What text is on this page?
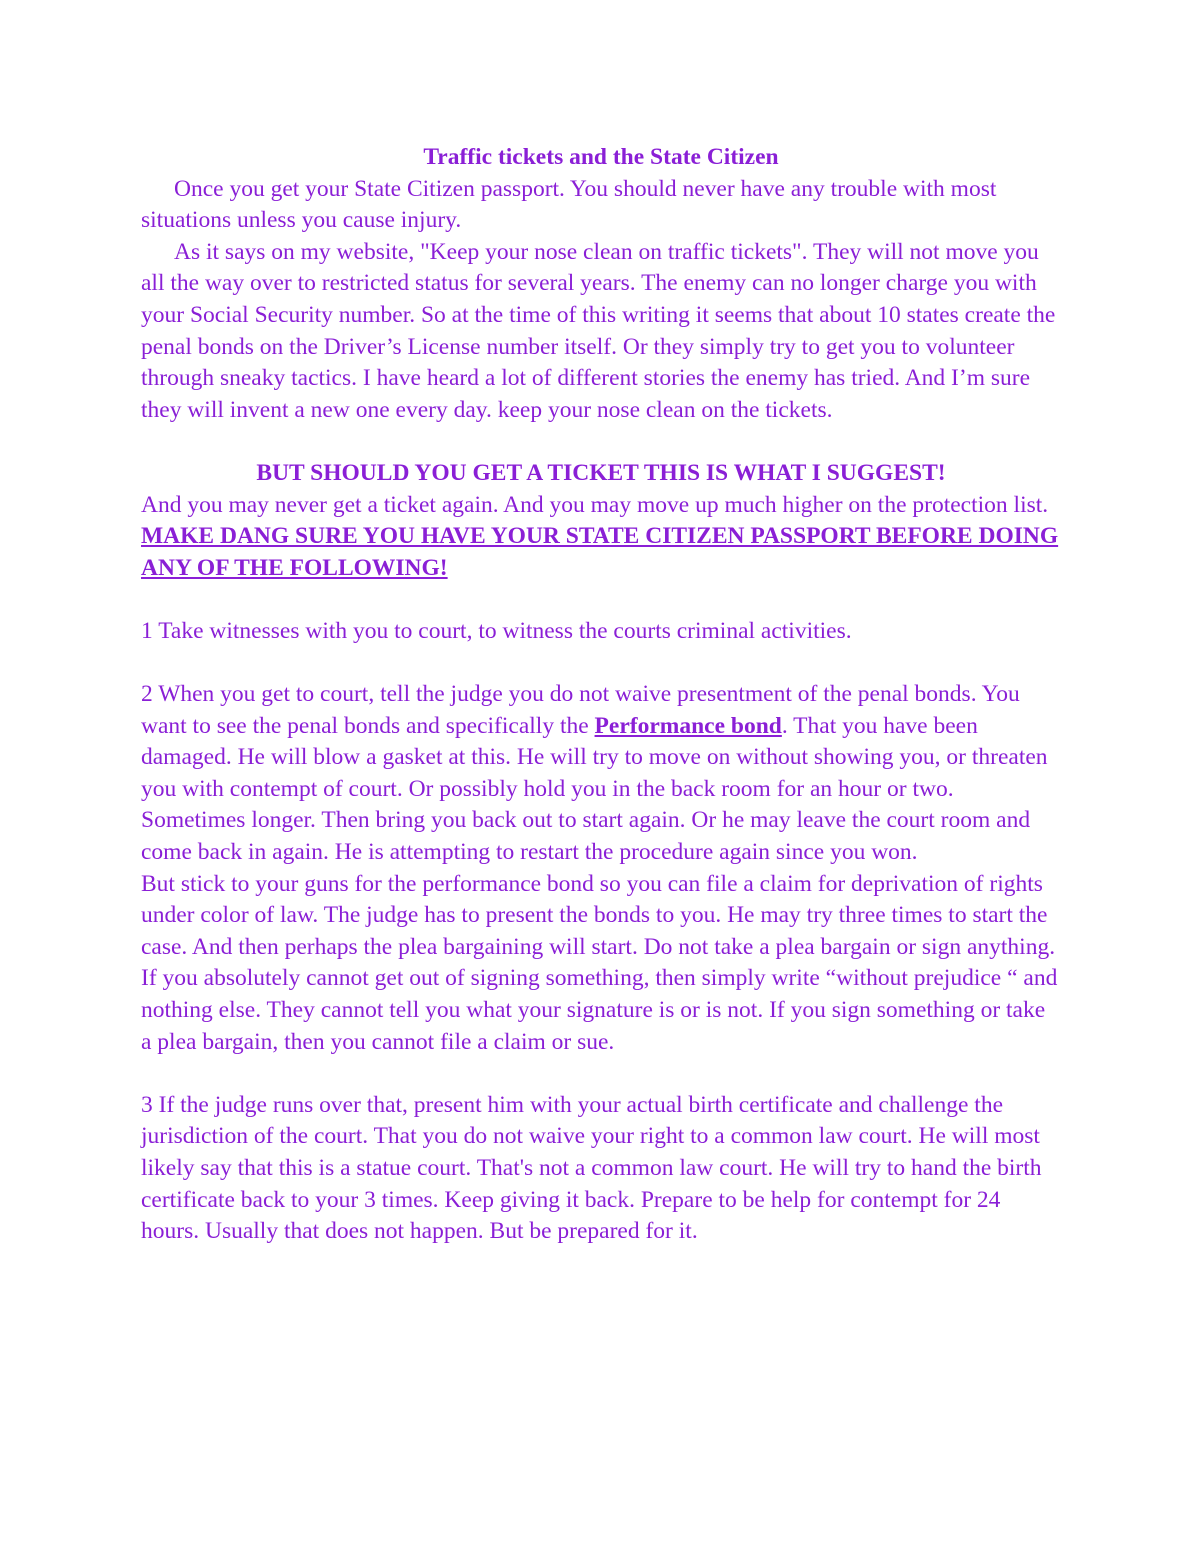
Traffic tickets and the State Citizen

Once you get your State Citizen passport. You should never have any trouble with most situations unless you cause injury.

As it says on my website, "Keep your nose clean on traffic tickets". They will not move you all the way over to restricted status for several years. The enemy can no longer charge you with your Social Security number. So at the time of this writing it seems that about 10 states create the penal bonds on the Driver’s License number itself. Or they simply try to get you to volunteer through sneaky tactics. I have heard a lot of different stories the enemy has tried. And I’m sure they will invent a new one every day. keep your nose clean on the tickets.

BUT SHOULD YOU GET A TICKET THIS IS WHAT I SUGGEST!

And you may never get a ticket again. And you may move up much higher on the protection list. MAKE DANG SURE YOU HAVE YOUR STATE CITIZEN PASSPORT BEFORE DOING ANY OF THE FOLLOWING!

1 Take witnesses with you to court, to witness the courts criminal activities.

2 When you get to court, tell the judge you do not waive presentment of the penal bonds. You want to see the penal bonds and specifically the Performance bond. That you have been damaged. He will blow a gasket at this. He will try to move on without showing you, or threaten you with contempt of court. Or possibly hold you in the back room for an hour or two. Sometimes longer. Then bring you back out to start again. Or he may leave the court room and come back in again. He is attempting to restart the procedure again since you won.

But stick to your guns for the performance bond so you can file a claim for deprivation of rights under color of law. The judge has to present the bonds to you. He may try three times to start the case. And then perhaps the plea bargaining will start. Do not take a plea bargain or sign anything. If you absolutely cannot get out of signing something, then simply write “without prejudice “ and nothing else. They cannot tell you what your signature is or is not. If you sign something or take a plea bargain, then you cannot file a claim or sue.

3 If the judge runs over that, present him with your actual birth certificate and challenge the jurisdiction of the court. That you do not waive your right to a common law court. He will most likely say that this is a statue court. That's not a common law court. He will try to hand the birth certificate back to your 3 times. Keep giving it back. Prepare to be help for contempt for 24 hours. Usually that does not happen. But be prepared for it.
